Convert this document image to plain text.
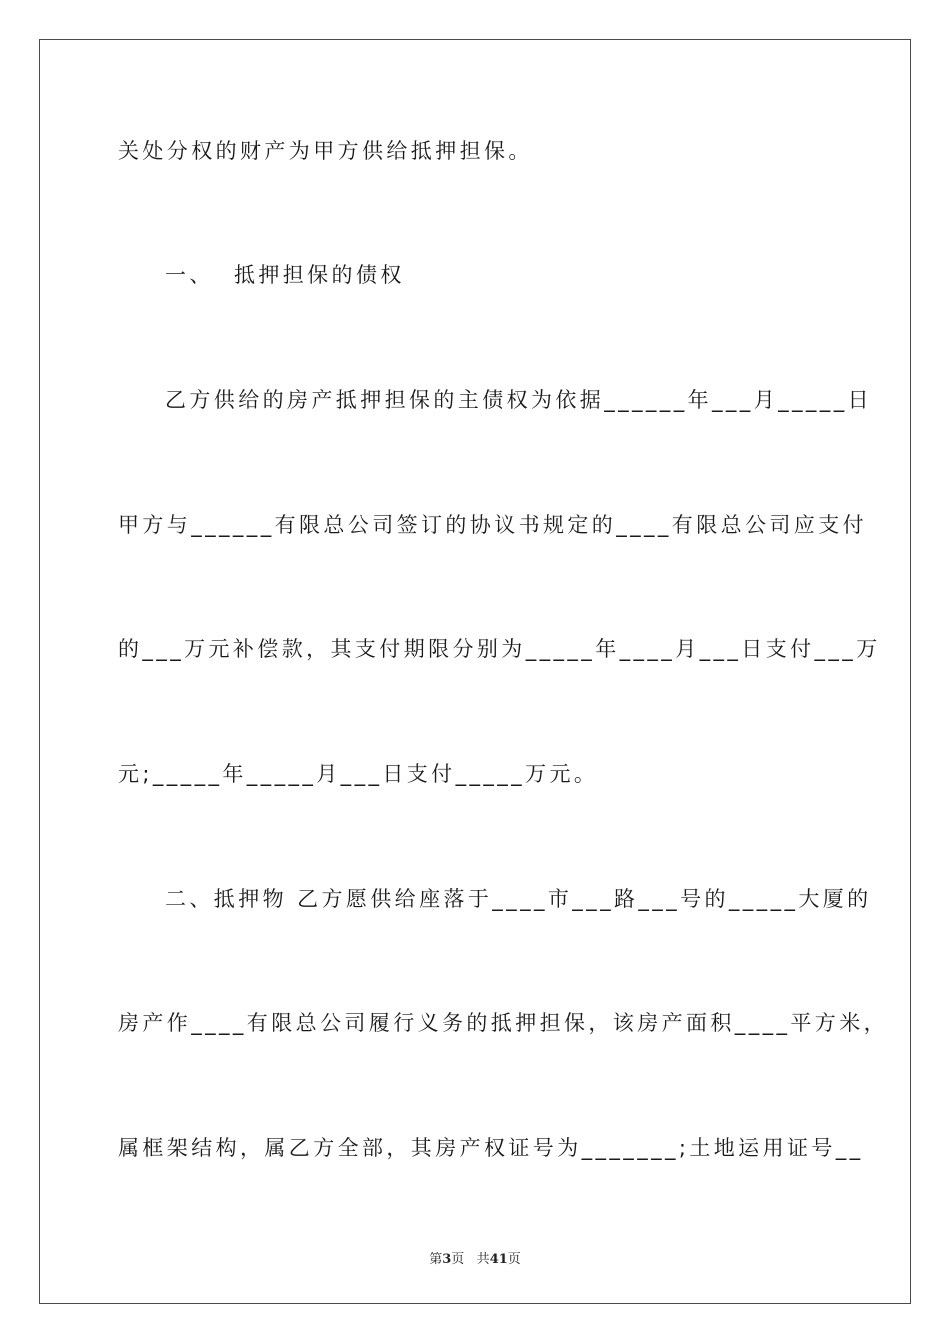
关处分权的财产为甲方供给抵押担保。
一、  抵押担保的债权
乙方供给的房产抵押担保的主债权为依据______年___月_____日
甲方与______有限总公司签订的协议书规定的____有限总公司应支付
的___万元补偿款，其支付期限分别为_____年____月___日支付___万
元;_____年_____月___日支付_____万元。
二、抵押物 乙方愿供给座落于____市___路___号的_____大厦的
房产作____有限总公司履行义务的抵押担保，该房产面积____平方米，
属框架结构，属乙方全部，其房产权证号为_______;土地运用证号__
第3页 共41页
